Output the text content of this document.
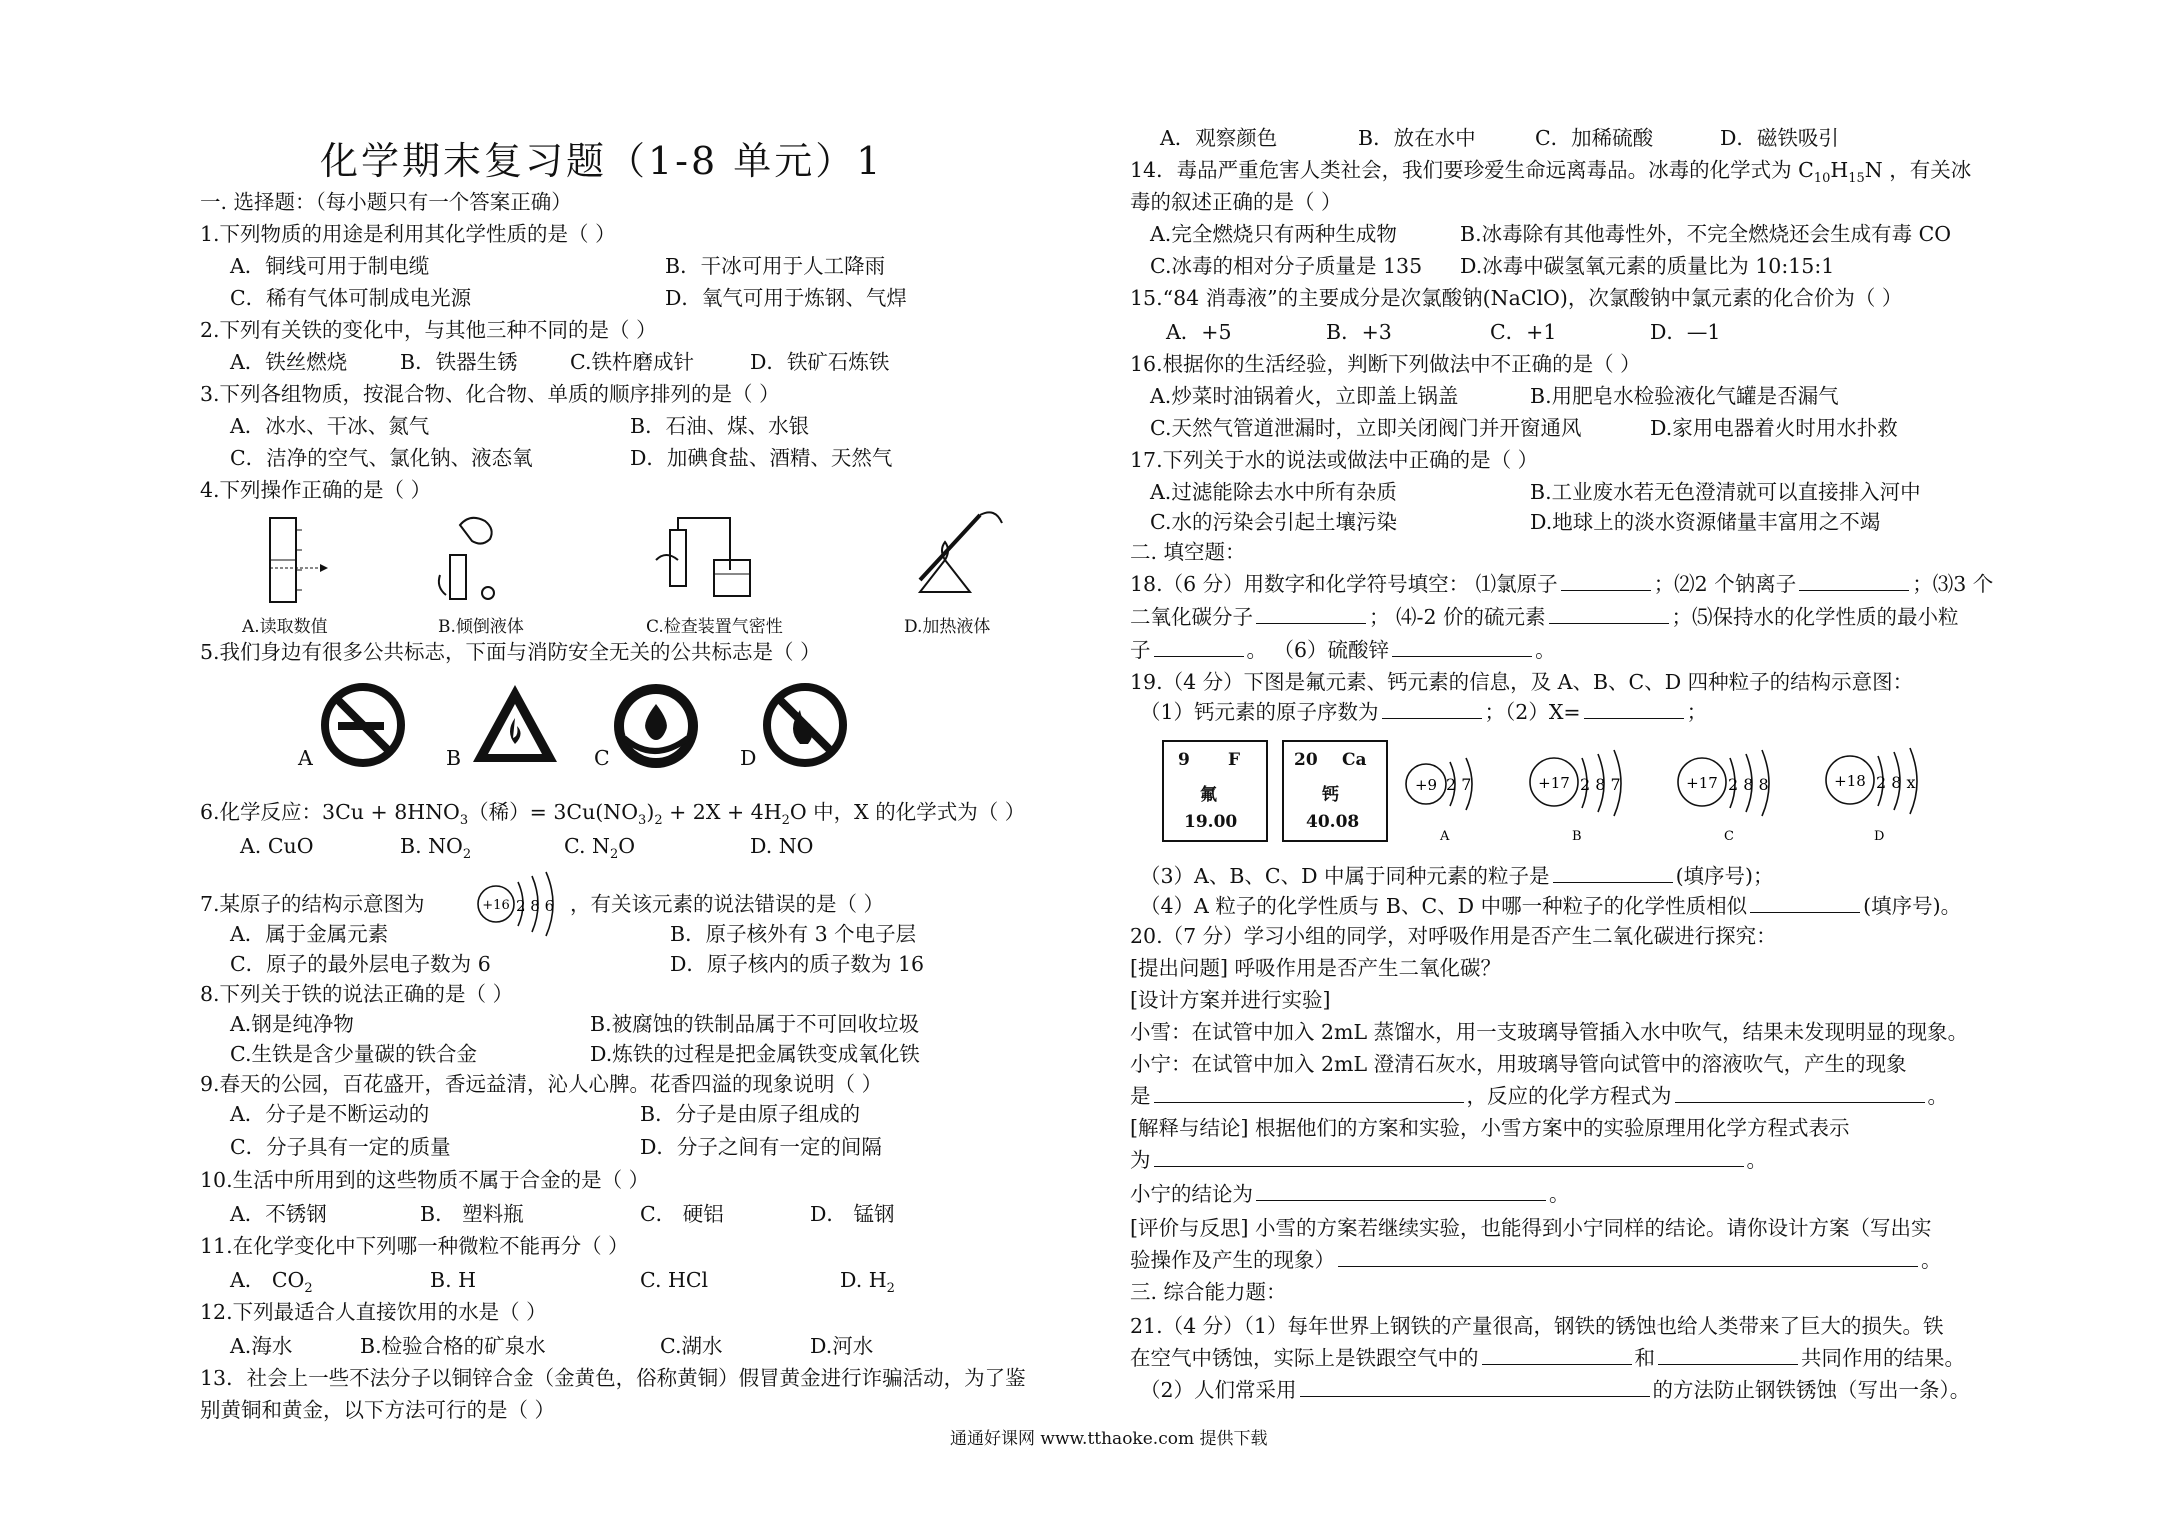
化学期末复习题（1-8 单元）1
一. 选择题：（每小题只有一个答案正确）
1.下列物质的用途是利用其化学性质的是（ ）
A．铜线可用于制电缆	B．干冰可用于人工降雨
C．稀有气体可制成电光源	D．氧气可用于炼钢、气焊
2.下列有关铁的变化中，与其他三种不同的是（ ）
A．铁丝燃烧	B．铁器生锈	C.铁杵磨成针	D．铁矿石炼铁
3.下列各组物质，按混合物、化合物、单质的顺序排列的是（ ）
A．冰水、干冰、氮气	B．石油、煤、水银
C．洁净的空气、氯化钠、液态氧	D．加碘食盐、酒精、天然气
4.下列操作正确的是（ ）
A.读取数值	B.倾倒液体	C.检查装置气密性	D.加热液体
5.我们身边有很多公共标志，下面与消防安全无关的公共标志是（ ）
A	B	C	D
6.化学反应：$3Cu + 8HNO_3$（稀）= $3Cu(NO_3)_2 + 2X + 4H_2O$ 中，X 的化学式为（ ）
A. CuO	B. $NO_2$	C. $N_2O$	D. NO
7.某原子的结构示意图为	+16 2 8 6 ，有关该元素的说法错误的是（ ）
A．属于金属元素	B．原子核外有 3 个电子层
C．原子的最外层电子数为 6	D．原子核内的质子数为 16
8.下列关于铁的说法正确的是（ ）
A.钢是纯净物	B.被腐蚀的铁制品属于不可回收垃圾
C.生铁是含少量碳的铁合金	D.炼铁的过程是把金属铁变成氧化铁
9.春天的公园，百花盛开，香远益清，沁人心脾。花香四溢的现象说明（ ）
A．分子是不断运动的	B．分子是由原子组成的
C．分子具有一定的质量	D．分子之间有一定的间隔
10.生活中所用到的这些物质不属于合金的是（ ）
A．不锈钢	B． 塑料瓶	C． 硬铝	D． 锰钢
11.在化学变化中下列哪一种微粒不能再分（ ）
A． $CO_2$	B. H	C. HCl	D. $H_2$
12.下列最适合人直接饮用的水是（ ）
A.海水	B.检验合格的矿泉水	C.湖水	D.河水
13．社会上一些不法分子以铜锌合金（金黄色，俗称黄铜）假冒黄金进行诈骗活动，为了鉴
别黄铜和黄金，以下方法可行的是（ ）
A．观察颜色	B．放在水中	C．加稀硫酸	D．磁铁吸引
14．毒品严重危害人类社会，我们要珍爱生命远离毒品。冰毒的化学式为 $C_{10}H_{15}N$ ，有关冰
毒的叙述正确的是（ ）
A.完全燃烧只有两种生成物	B.冰毒除有其他毒性外，不完全燃烧还会生成有毒 CO
C.冰毒的相对分子质量是 135 D.冰毒中碳氢氧元素的质量比为 10:15:1
15.“84 消毒液”的主要成分是次氯酸钠(NaClO)，次氯酸钠中氯元素的化合价为（ ）
A．+5	B．+3	C．+1	D．—1
16.根据你的生活经验，判断下列做法中不正确的是（ ）
A.炒菜时油锅着火，立即盖上锅盖	B.用肥皂水检验液化气罐是否漏气
C.天然气管道泄漏时，立即关闭阀门并开窗通风	D.家用电器着火时用水扑救
17.下列关于水的说法或做法中正确的是（ ）
A.过滤能除去水中所有杂质	B.工业废水若无色澄清就可以直接排入河中
C.水的污染会引起土壤污染	D.地球上的淡水资源储量丰富用之不竭
二. 填空题：
18.（6 分）用数字和化学符号填空： ⑴氯原子	；⑵2 个钠离子	；⑶3 个
二氧化碳分子	； ⑷-2 价的硫元素	；⑸保持水的化学性质的最小粒
子	。 （6）硫酸锌	。
19.（4 分）下图是氟元素、钙元素的信息，及 A、B、C、D 四种粒子的结构示意图：
（1）钙元素的原子序数为	；（2）X=	；
9 F
氟
19.00
20 Ca
钙
40.08
+9 2 7
A
+17 2 8 7
B
+17 2 8 8
C
+18 2 8 x
D
（3）A、B、C、D 中属于同种元素的粒子是	(填序号)；
（4）A 粒子的化学性质与 B、C、D 中哪一种粒子的化学性质相似	(填序号)。
20.（7 分）学习小组的同学，对呼吸作用是否产生二氧化碳进行探究：
[提出问题] 呼吸作用是否产生二氧化碳？
[设计方案并进行实验]
小雪：在试管中加入 2mL 蒸馏水，用一支玻璃导管插入水中吹气，结果未发现明显的现象。
小宁：在试管中加入 2mL 澄清石灰水，用玻璃导管向试管中的溶液吹气，产生的现象
是	，反应的化学方程式为	。
[解释与结论] 根据他们的方案和实验，小雪方案中的实验原理用化学方程式表示
为	。
小宁的结论为	。
[评价与反思] 小雪的方案若继续实验，也能得到小宁同样的结论。请你设计方案（写出实
验操作及产生的现象）	。
三. 综合能力题：
21.（4 分）（1）每年世界上钢铁的产量很高，钢铁的锈蚀也给人类带来了巨大的损失。铁
在空气中锈蚀，实际上是铁跟空气中的	和	共同作用的结果。
（2）人们常采用	的方法防止钢铁锈蚀（写出一条）。
通通好课网 www.tthaoke.com 提供下载
